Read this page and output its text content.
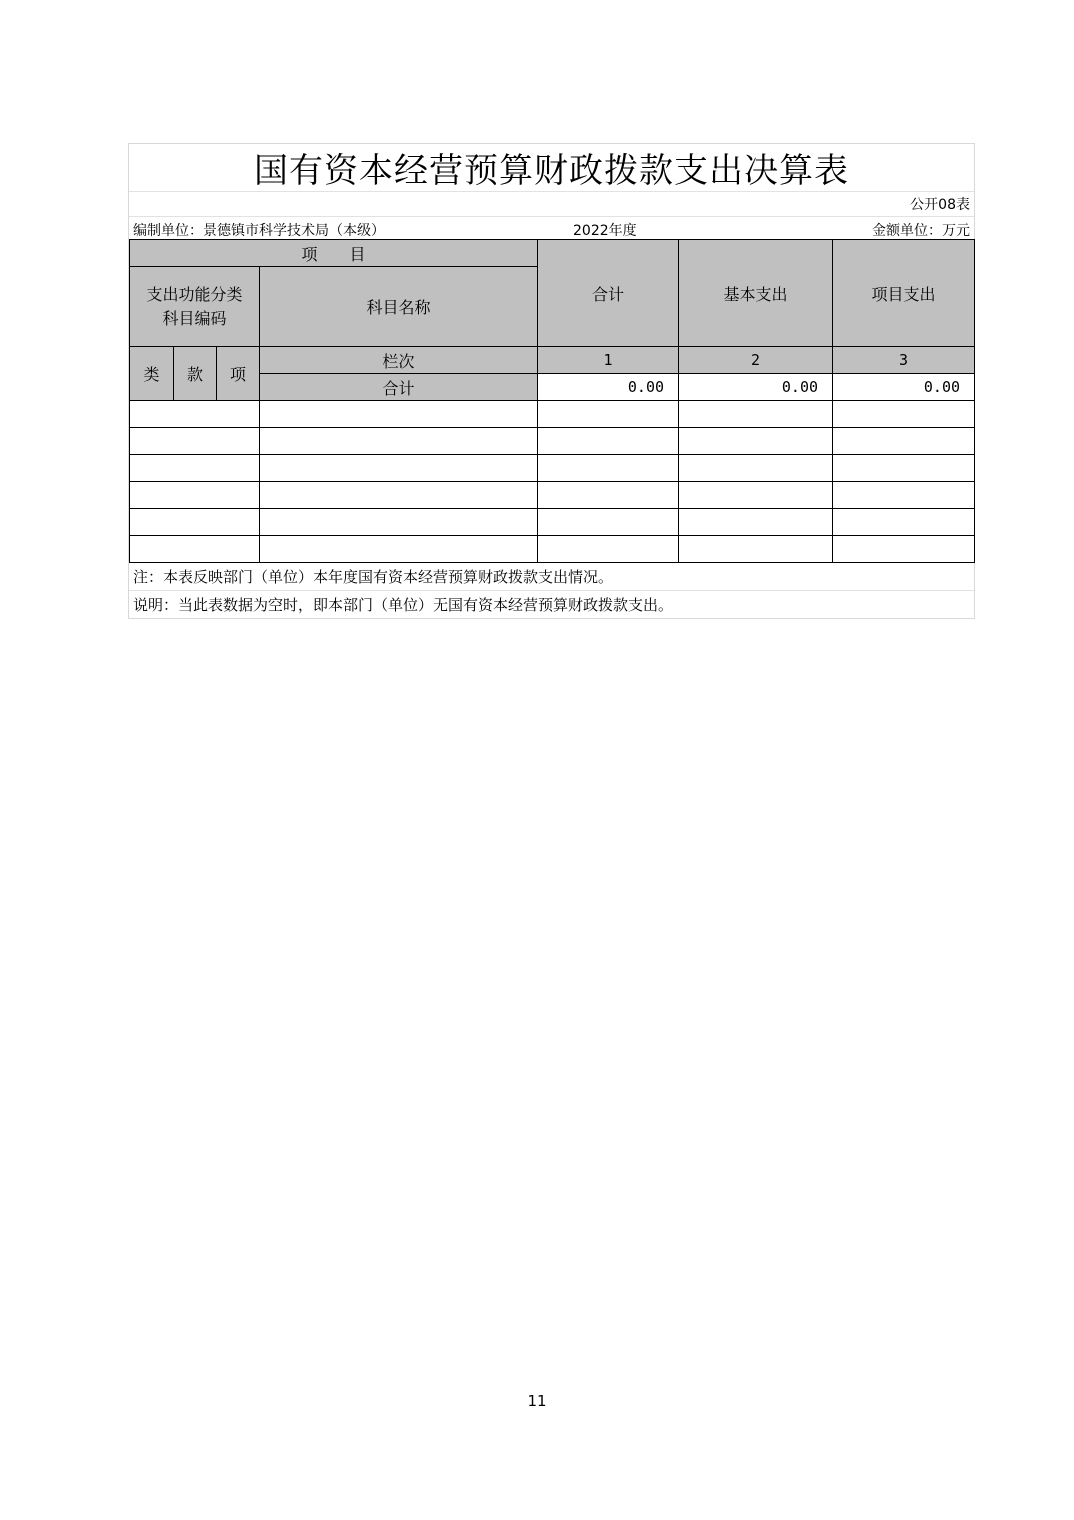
国有资本经营预算财政拨款支出决算表
公开08表
编制单位：景德镇市科学技术局（本级）	2022年度	金额单位：万元
项　　目				合计	基本支出	项目支出

支出功能分类
科目编码			科目名称			
类	款	项	栏次	1	2	3
			合计	0.00	0.00	0.00

注：本表反映部门（单位）本年度国有资本经营预算财政拨款支出情况。
说明：当此表数据为空时，即本部门（单位）无国有资本经营预算财政拨款支出。
11
